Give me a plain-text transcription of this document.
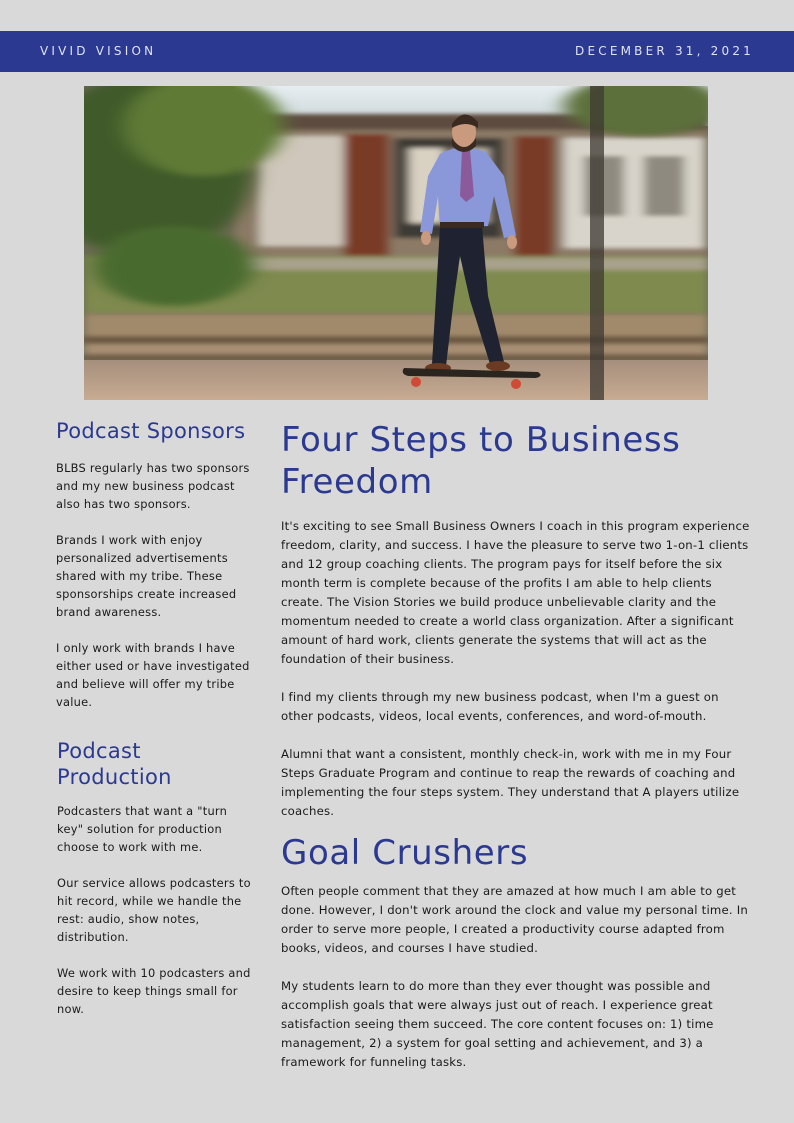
VIVID VISION	DECEMBER 31, 2021
Podcast Sponsors

BLBS regularly has two sponsors and my new business podcast also has two sponsors.

Brands I work with enjoy personalized advertisements shared with my tribe. These sponsorships create increased brand awareness.

I only work with brands I have either used or have investigated and believe will offer my tribe value.

Podcast Production

Podcasters that want a "turn key" solution for production choose to work with me.

Our service allows podcasters to hit record, while we handle the rest: audio, show notes, distribution.

We work with 10 podcasters and desire to keep things small for now.

Four Steps to Business Freedom

It's exciting to see Small Business Owners I coach in this program experience freedom, clarity, and success. I have the pleasure to serve two 1-on-1 clients and 12 group coaching clients. The program pays for itself before the six month term is complete because of the profits I am able to help clients create. The Vision Stories we build produce unbelievable clarity and the momentum needed to create a world class organization. After a significant amount of hard work, clients generate the systems that will act as the foundation of their business.

I find my clients through my new business podcast, when I'm a guest on other podcasts, videos, local events, conferences, and word-of-mouth.

Alumni that want a consistent, monthly check-in, work with me in my Four Steps Graduate Program and continue to reap the rewards of coaching and implementing the four steps system. They understand that A players utilize coaches.

Goal Crushers

Often people comment that they are amazed at how much I am able to get done. However, I don't work around the clock and value my personal time. In order to serve more people, I created a productivity course adapted from books, videos, and courses I have studied.

My students learn to do more than they ever thought was possible and accomplish goals that were always just out of reach. I experience great satisfaction seeing them succeed. The core content focuses on: 1) time management, 2) a system for goal setting and achievement, and 3) a framework for funneling tasks.
